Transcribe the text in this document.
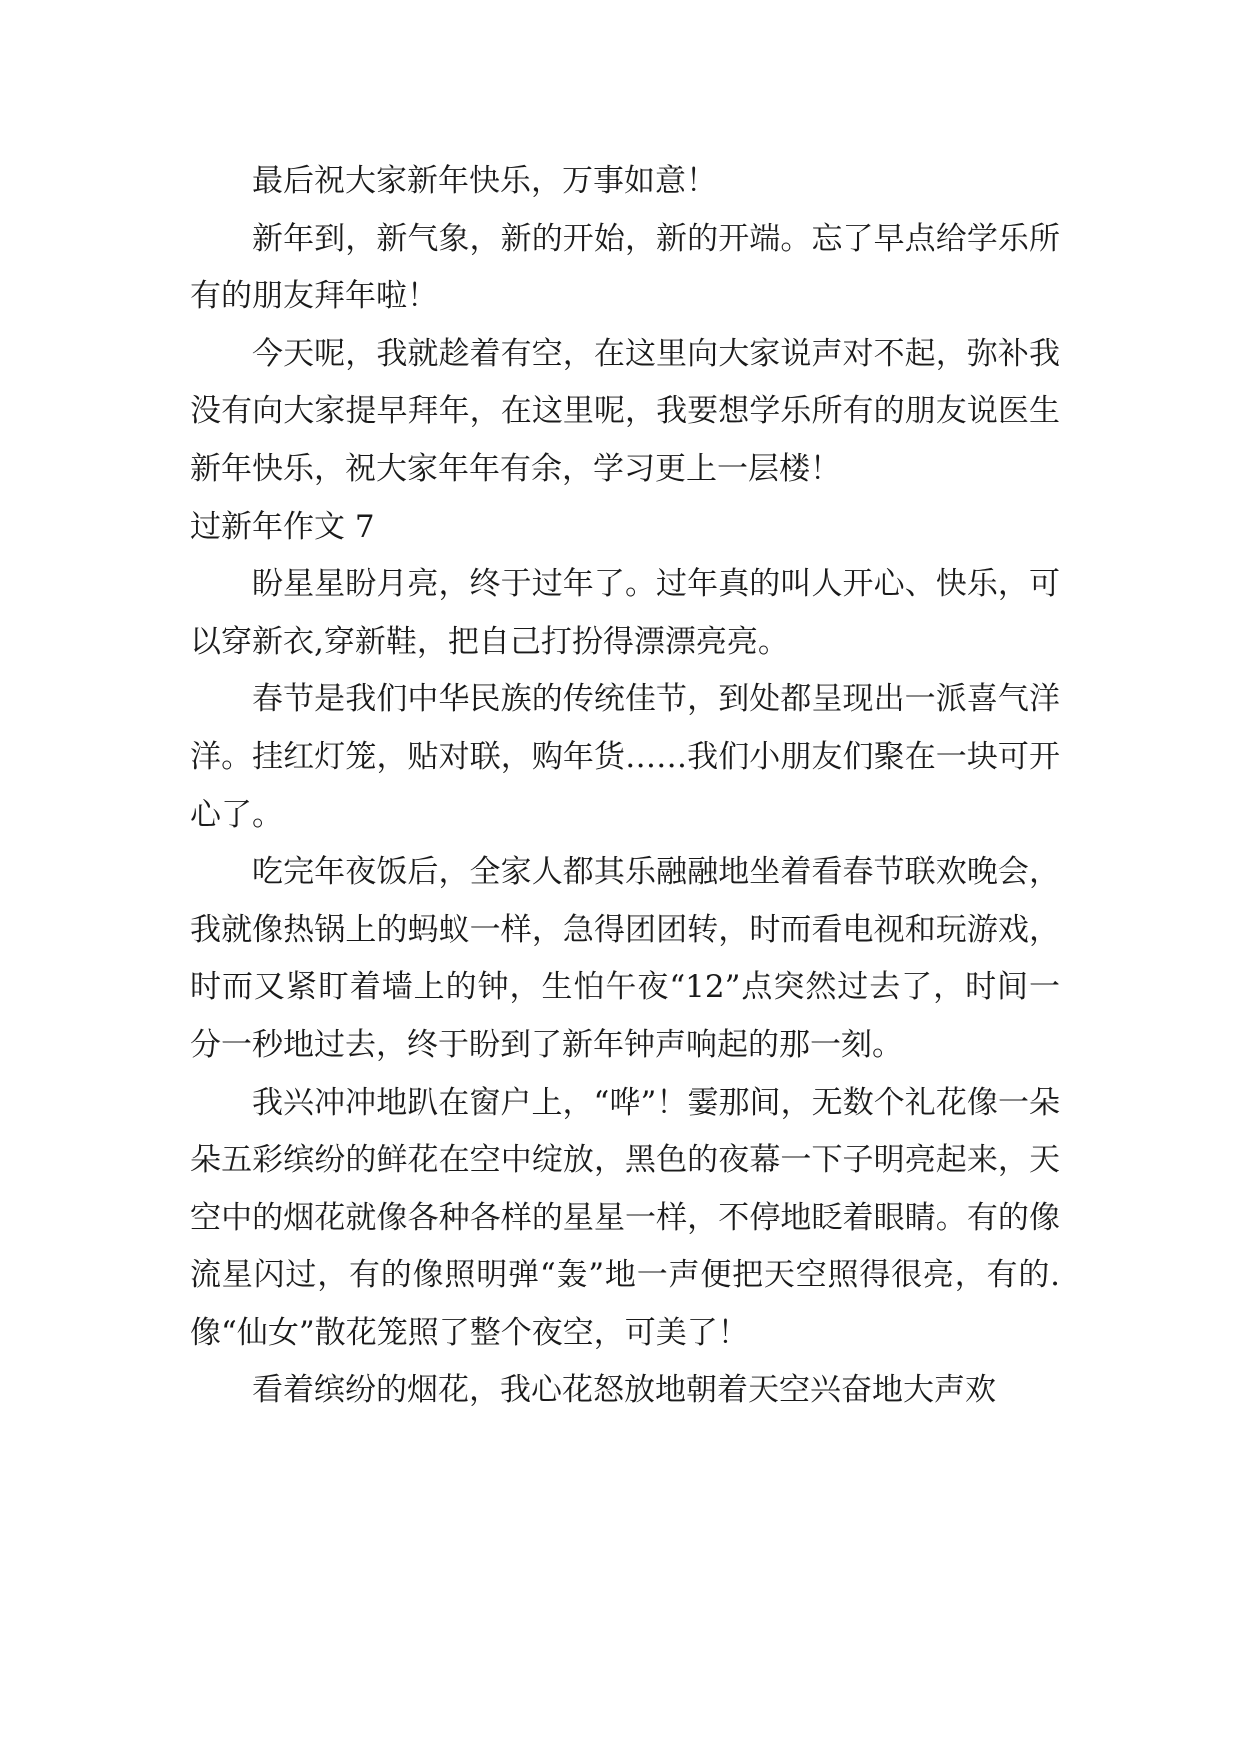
最后祝大家新年快乐，万事如意！

新年到，新气象，新的开始，新的开端。忘了早点给学乐所有的朋友拜年啦！

今天呢，我就趁着有空，在这里向大家说声对不起，弥补我没有向大家提早拜年，在这里呢，我要想学乐所有的朋友说医生新年快乐，祝大家年年有余，学习更上一层楼！

过新年作文 7

盼星星盼月亮，终于过年了。过年真的叫人开心、快乐，可以穿新衣,穿新鞋，把自己打扮得漂漂亮亮。

春节是我们中华民族的传统佳节，到处都呈现出一派喜气洋洋。挂红灯笼，贴对联，购年货……我们小朋友们聚在一块可开心了。

吃完年夜饭后，全家人都其乐融融地坐着看春节联欢晚会，我就像热锅上的蚂蚁一样，急得团团转，时而看电视和玩游戏，时而又紧盯着墙上的钟，生怕午夜“12”点突然过去了，时间一分一秒地过去，终于盼到了新年钟声响起的那一刻。

我兴冲冲地趴在窗户上，“哗”！霎那间，无数个礼花像一朵朵五彩缤纷的鲜花在空中绽放，黑色的夜幕一下子明亮起来，天空中的烟花就像各种各样的星星一样，不停地眨着眼睛。有的像流星闪过，有的像照明弹“轰”地一声便把天空照得很亮，有的.像“仙女”散花笼照了整个夜空，可美了！

看着缤纷的烟花，我心花怒放地朝着天空兴奋地大声欢
